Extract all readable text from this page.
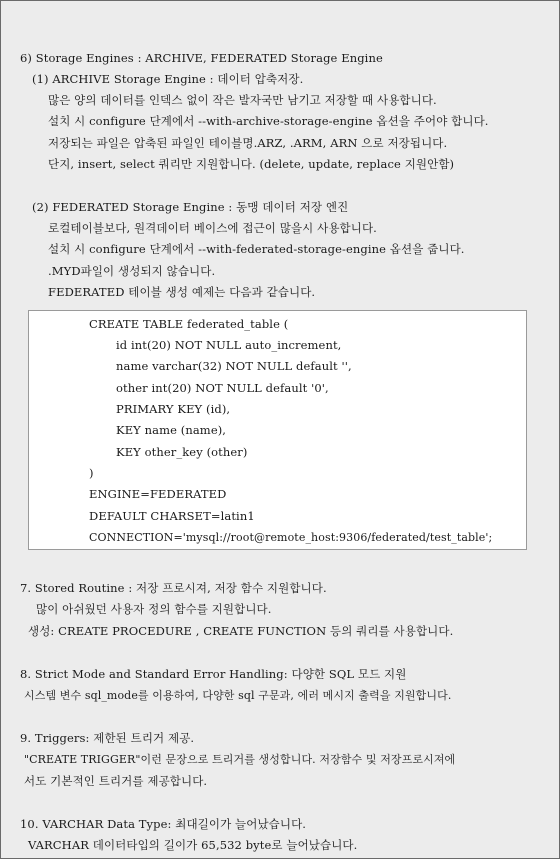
6) Storage Engines : ARCHIVE, FEDERATED Storage Engine
(1) ARCHIVE Storage Engine : 데이터 압축저장.
많은 양의 데이터를 인덱스 없이 작은 발자국만 남기고 저장할 때 사용합니다.
설치 시 configure 단계에서 --with-archive-storage-engine 옵션을 주어야 합니다.
저장되는 파일은 압축된 파일인 테이블명.ARZ, .ARM, ARN 으로 저장됩니다.
단지, insert, select 쿼리만 지원합니다. (delete, update, replace 지원안함)
(2) FEDERATED Storage Engine : 동맹 데이터 저장 엔진
로컬테이블보다, 원격데이터 베이스에 접근이 많을시 사용합니다.
설치 시 configure 단계에서 --with-federated-storage-engine 옵션을 줍니다.
.MYD파일이 생성되지 않습니다.
FEDERATED 테이블 생성 예제는 다음과 같습니다.
CREATE TABLE federated_table (
id int(20) NOT NULL auto_increment,
name varchar(32) NOT NULL default '',
other int(20) NOT NULL default '0',
PRIMARY KEY (id),
KEY name (name),
KEY other_key (other)
)
ENGINE=FEDERATED
DEFAULT CHARSET=latin1
CONNECTION='mysql://root@remote_host:9306/federated/test_table';
7. Stored Routine : 저장 프로시져, 저장 함수 지원합니다.
많이 아쉬웠던 사용자 정의 함수를 지원합니다.
생성: CREATE PROCEDURE , CREATE FUNCTION 등의 쿼리를 사용합니다.
8. Strict Mode and Standard Error Handling: 다양한 SQL 모드 지원
시스템 변수 sql_mode를 이용하여, 다양한 sql 구문과, 에러 메시지 출력을 지원합니다.
9. Triggers: 제한된 트리거 제공.
"CREATE TRIGGER"이런 문장으로 트리거를 생성합니다. 저장함수 및 저장프로시져에
서도 기본적인 트리거를 제공합니다.
10. VARCHAR Data Type: 최대길이가 늘어났습니다.
VARCHAR 데이터타입의 길이가 65,532 byte로 늘어났습니다.
